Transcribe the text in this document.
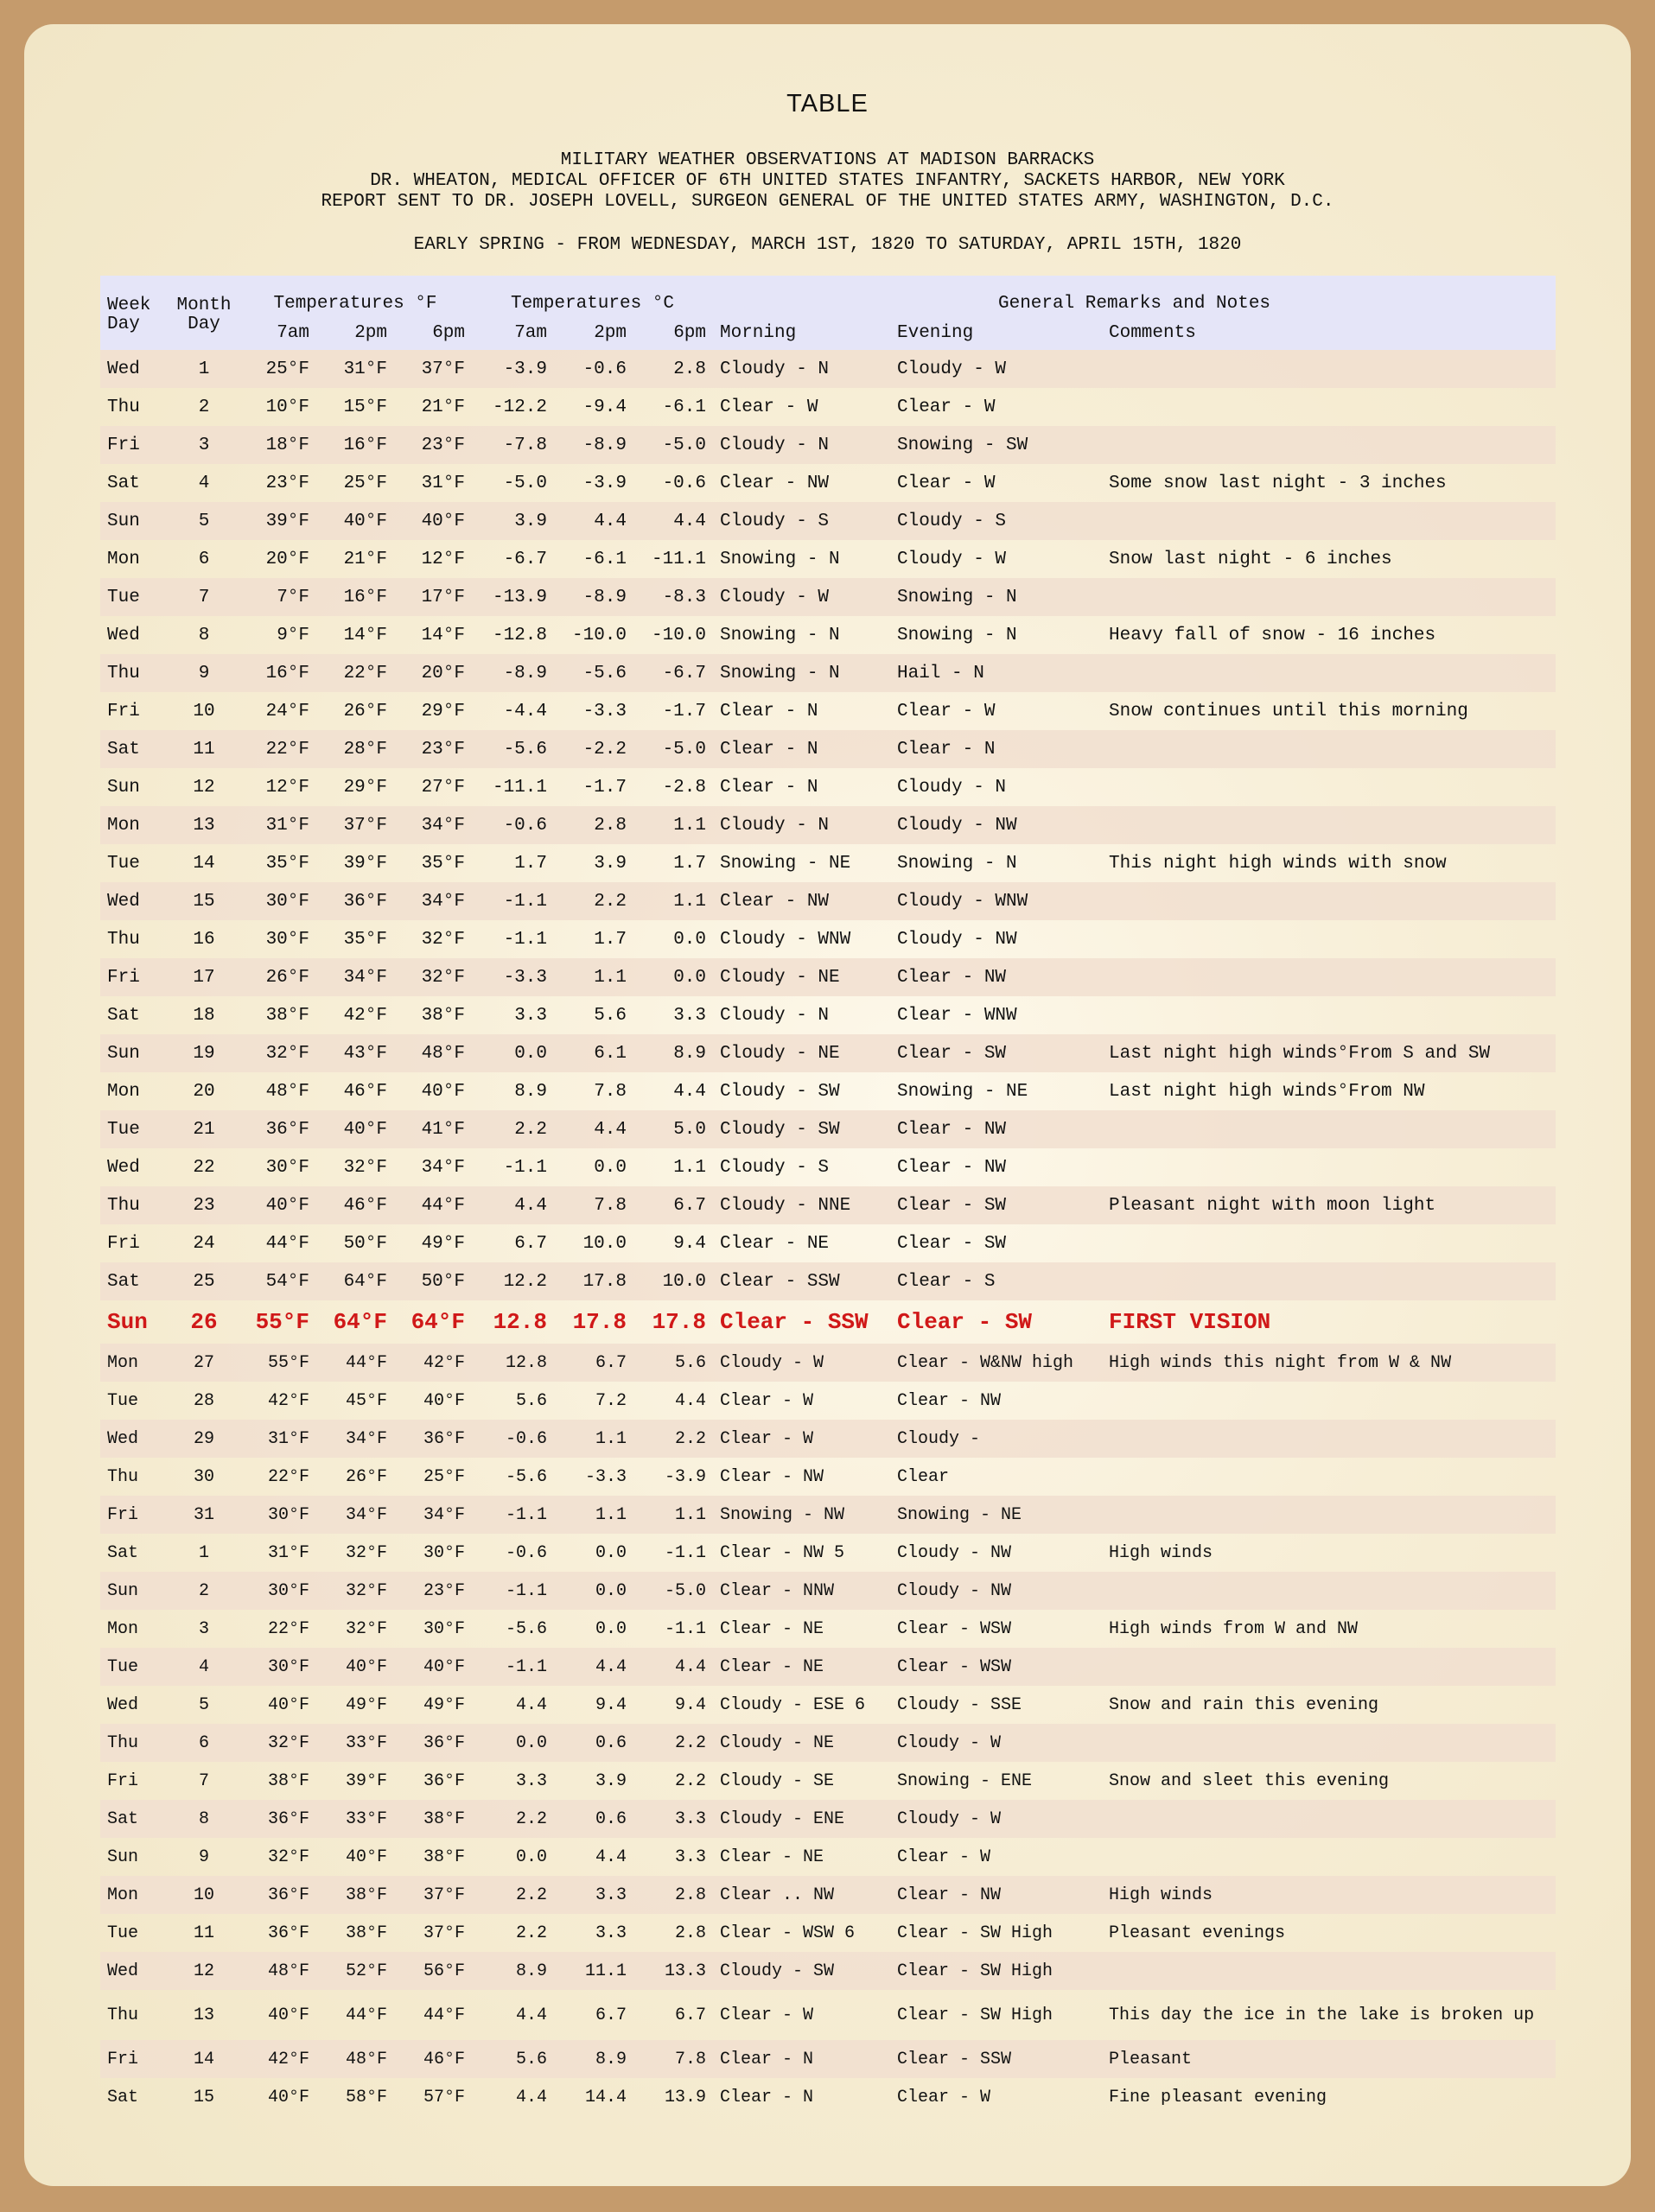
TABLE
MILITARY WEATHER OBSERVATIONS AT MADISON BARRACKS
DR. WHEATON, MEDICAL OFFICER OF 6TH UNITED STATES INFANTRY, SACKETS HARBOR, NEW YORK
REPORT SENT TO DR. JOSEPH LOVELL, SURGEON GENERAL OF THE UNITED STATES ARMY, WASHINGTON, D.C.
EARLY SPRING - FROM WEDNESDAY, MARCH 1ST, 1820 TO SATURDAY, APRIL 15TH, 1820
Week	Month	Temperatures °F			Temperatures °C			General Remarks and Notes		
Day	Day	7am	2pm	6pm	7am	2pm	6pm	Morning	Evening	Comments
Wed	1	25°F	31°F	37°F	-3.9	-0.6	2.8	Cloudy - N	Cloudy - W	
Thu	2	10°F	15°F	21°F	-12.2	-9.4	-6.1	Clear - W	Clear - W	
Fri	3	18°F	16°F	23°F	-7.8	-8.9	-5.0	Cloudy - N	Snowing - SW	
Sat	4	23°F	25°F	31°F	-5.0	-3.9	-0.6	Clear - NW	Clear - W	Some snow last night - 3 inches
Sun	5	39°F	40°F	40°F	3.9	4.4	4.4	Cloudy - S	Cloudy - S	
Mon	6	20°F	21°F	12°F	-6.7	-6.1	-11.1	Snowing - N	Cloudy - W	Snow last night - 6 inches
Tue	7	7°F	16°F	17°F	-13.9	-8.9	-8.3	Cloudy - W	Snowing - N	
Wed	8	9°F	14°F	14°F	-12.8	-10.0	-10.0	Snowing - N	Snowing - N	Heavy fall of snow - 16 inches
Thu	9	16°F	22°F	20°F	-8.9	-5.6	-6.7	Snowing - N	Hail - N	
Fri	10	24°F	26°F	29°F	-4.4	-3.3	-1.7	Clear - N	Clear - W	Snow continues until this morning
Sat	11	22°F	28°F	23°F	-5.6	-2.2	-5.0	Clear - N	Clear - N	
Sun	12	12°F	29°F	27°F	-11.1	-1.7	-2.8	Clear - N	Cloudy - N	
Mon	13	31°F	37°F	34°F	-0.6	2.8	1.1	Cloudy - N	Cloudy - NW	
Tue	14	35°F	39°F	35°F	1.7	3.9	1.7	Snowing - NE	Snowing - N	This night high winds with snow
Wed	15	30°F	36°F	34°F	-1.1	2.2	1.1	Clear - NW	Cloudy - WNW	
Thu	16	30°F	35°F	32°F	-1.1	1.7	0.0	Cloudy - WNW	Cloudy - NW	
Fri	17	26°F	34°F	32°F	-3.3	1.1	0.0	Cloudy - NE	Clear - NW	
Sat	18	38°F	42°F	38°F	3.3	5.6	3.3	Cloudy - N	Clear - WNW	
Sun	19	32°F	43°F	48°F	0.0	6.1	8.9	Cloudy - NE	Clear - SW	Last night high winds°From S and SW
Mon	20	48°F	46°F	40°F	8.9	7.8	4.4	Cloudy - SW	Snowing - NE	Last night high winds°From NW
Tue	21	36°F	40°F	41°F	2.2	4.4	5.0	Cloudy - SW	Clear - NW	
Wed	22	30°F	32°F	34°F	-1.1	0.0	1.1	Cloudy - S	Clear - NW	
Thu	23	40°F	46°F	44°F	4.4	7.8	6.7	Cloudy - NNE	Clear - SW	Pleasant night with moon light
Fri	24	44°F	50°F	49°F	6.7	10.0	9.4	Clear - NE	Clear - SW	
Sat	25	54°F	64°F	50°F	12.2	17.8	10.0	Clear - SSW	Clear - S	
Sun	26	55°F	64°F	64°F	12.8	17.8	17.8	Clear - SSW	Clear - SW	FIRST VISION
Mon	27	55°F	44°F	42°F	12.8	6.7	5.6	Cloudy - W	Clear - W&NW high	High winds this night from W & NW
Tue	28	42°F	45°F	40°F	5.6	7.2	4.4	Clear - W	Clear - NW	
Wed	29	31°F	34°F	36°F	-0.6	1.1	2.2	Clear - W	Cloudy -	
Thu	30	22°F	26°F	25°F	-5.6	-3.3	-3.9	Clear - NW	Clear	
Fri	31	30°F	34°F	34°F	-1.1	1.1	1.1	Snowing - NW	Snowing - NE	
Sat	1	31°F	32°F	30°F	-0.6	0.0	-1.1	Clear - NW 5	Cloudy - NW	High winds
Sun	2	30°F	32°F	23°F	-1.1	0.0	-5.0	Clear - NNW	Cloudy - NW	
Mon	3	22°F	32°F	30°F	-5.6	0.0	-1.1	Clear - NE	Clear - WSW	High winds from W and NW
Tue	4	30°F	40°F	40°F	-1.1	4.4	4.4	Clear - NE	Clear - WSW	
Wed	5	40°F	49°F	49°F	4.4	9.4	9.4	Cloudy - ESE 6	Cloudy - SSE	Snow and rain this evening
Thu	6	32°F	33°F	36°F	0.0	0.6	2.2	Cloudy - NE	Cloudy - W	
Fri	7	38°F	39°F	36°F	3.3	3.9	2.2	Cloudy - SE	Snowing - ENE	Snow and sleet this evening
Sat	8	36°F	33°F	38°F	2.2	0.6	3.3	Cloudy - ENE	Cloudy - W	
Sun	9	32°F	40°F	38°F	0.0	4.4	3.3	Clear - NE	Clear - W	
Mon	10	36°F	38°F	37°F	2.2	3.3	2.8	Clear .. NW	Clear - NW	High winds
Tue	11	36°F	38°F	37°F	2.2	3.3	2.8	Clear - WSW 6	Clear - SW High	Pleasant evenings
Wed	12	48°F	52°F	56°F	8.9	11.1	13.3	Cloudy - SW	Clear - SW High	
Thu	13	40°F	44°F	44°F	4.4	6.7	6.7	Clear - W	Clear - SW High	This day the ice in the lake is broken up
Fri	14	42°F	48°F	46°F	5.6	8.9	7.8	Clear - N	Clear - SSW	Pleasant
Sat	15	40°F	58°F	57°F	4.4	14.4	13.9	Clear - N	Clear - W	Fine pleasant evening
